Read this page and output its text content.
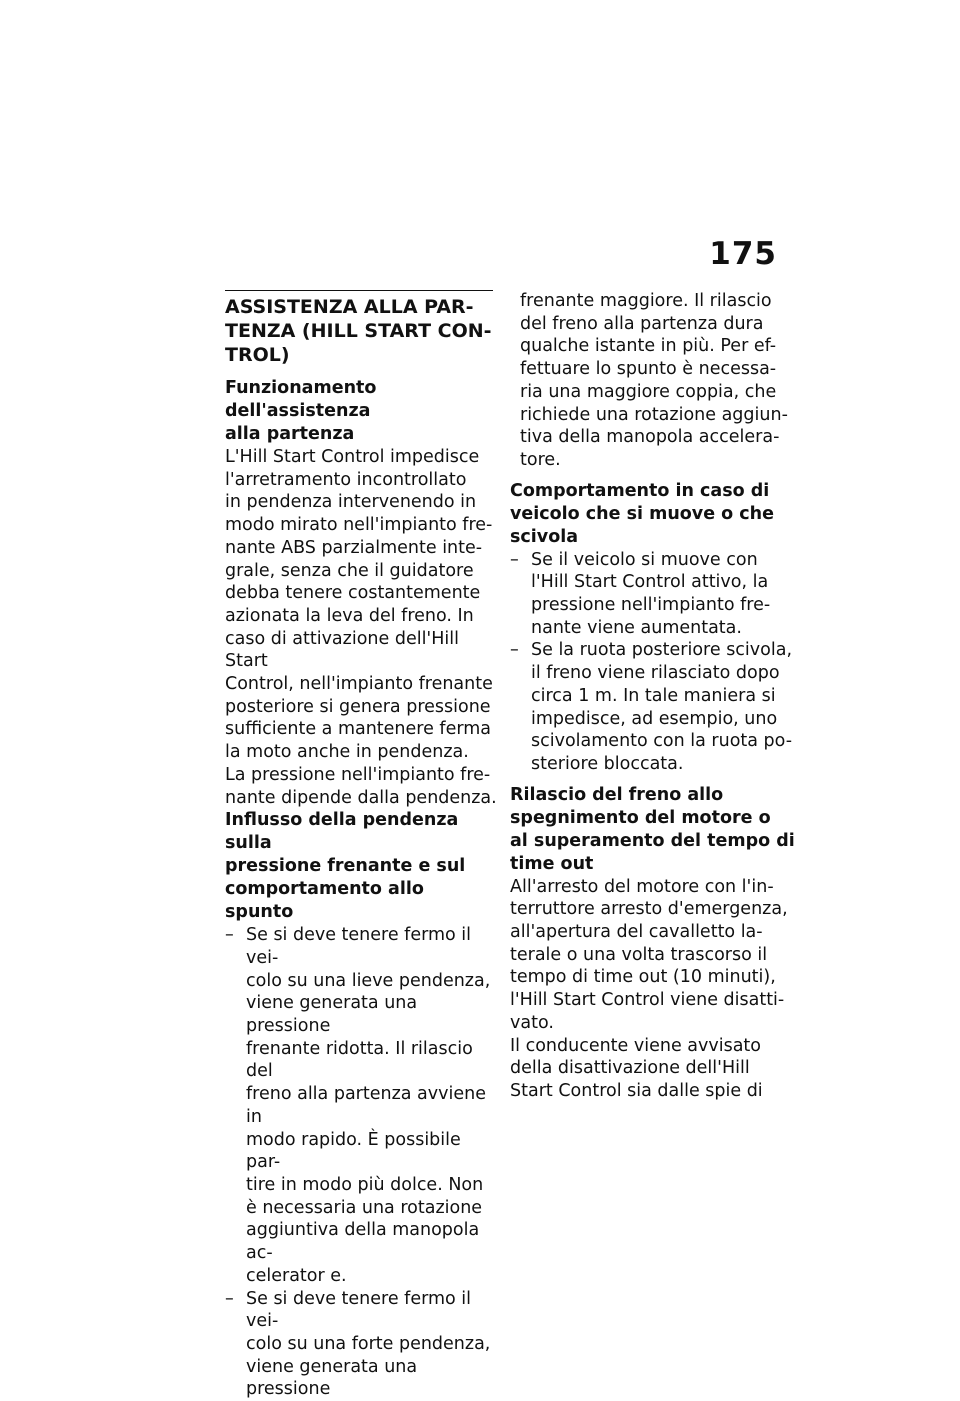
175
ASSISTENZA ALLA PAR-
TENZA (HILL START CON-
TROL)
Funzionamento dell'assistenza
alla partenza

L'Hill Start Control impedisce
l'arretramento incontrollato
in pendenza intervenendo in
modo mirato nell'impianto fre-
nante ABS parzialmente inte-
grale, senza che il guidatore
debba tenere costantemente
azionata la leva del freno. In
caso di attivazione dell'Hill Start
Control, nell'impianto frenante
posteriore si genera pressione
sufficiente a mantenere ferma
la moto anche in pendenza.

La pressione nell'impianto fre-
nante dipende dalla pendenza.

Influsso della pendenza sulla
pressione frenante e sul
comportamento allo spunto
– Se si deve tenere fermo il vei-
colo su una lieve pendenza,
viene generata una pressione
frenante ridotta. Il rilascio del
freno alla partenza avviene in
modo rapido. È possibile par-
tire in modo più dolce. Non
è necessaria una rotazione
aggiuntiva della manopola ac-
celerator e.
– Se si deve tenere fermo il vei-
colo su una forte pendenza,
viene generata una pressione

frenante maggiore. Il rilascio
del freno alla partenza dura
qualche istante in più. Per ef-
fettuare lo spunto è necessa-
ria una maggiore coppia, che
richiede una rotazione aggiun-
tiva della manopola accelera-
tore.

Comportamento in caso di
veicolo che si muove o che
scivola
– Se il veicolo si muove con
l'Hill Start Control attivo, la
pressione nell'impianto fre-
nante viene aumentata.
– Se la ruota posteriore scivola,
il freno viene rilasciato dopo
circa 1 m. In tale maniera si
impedisce, ad esempio, uno
scivolamento con la ruota po-
steriore bloccata.
Rilascio del freno allo
spegnimento del motore o
al superamento del tempo di
time out

All'arresto del motore con l'in-
terruttore arresto d'emergenza,
all'apertura del cavalletto la-
terale o una volta trascorso il
tempo di time out (10 minuti),
l'Hill Start Control viene disatti-
vato.

Il conducente viene avvisato
della disattivazione dell'Hill
Start Control sia dalle spie di
